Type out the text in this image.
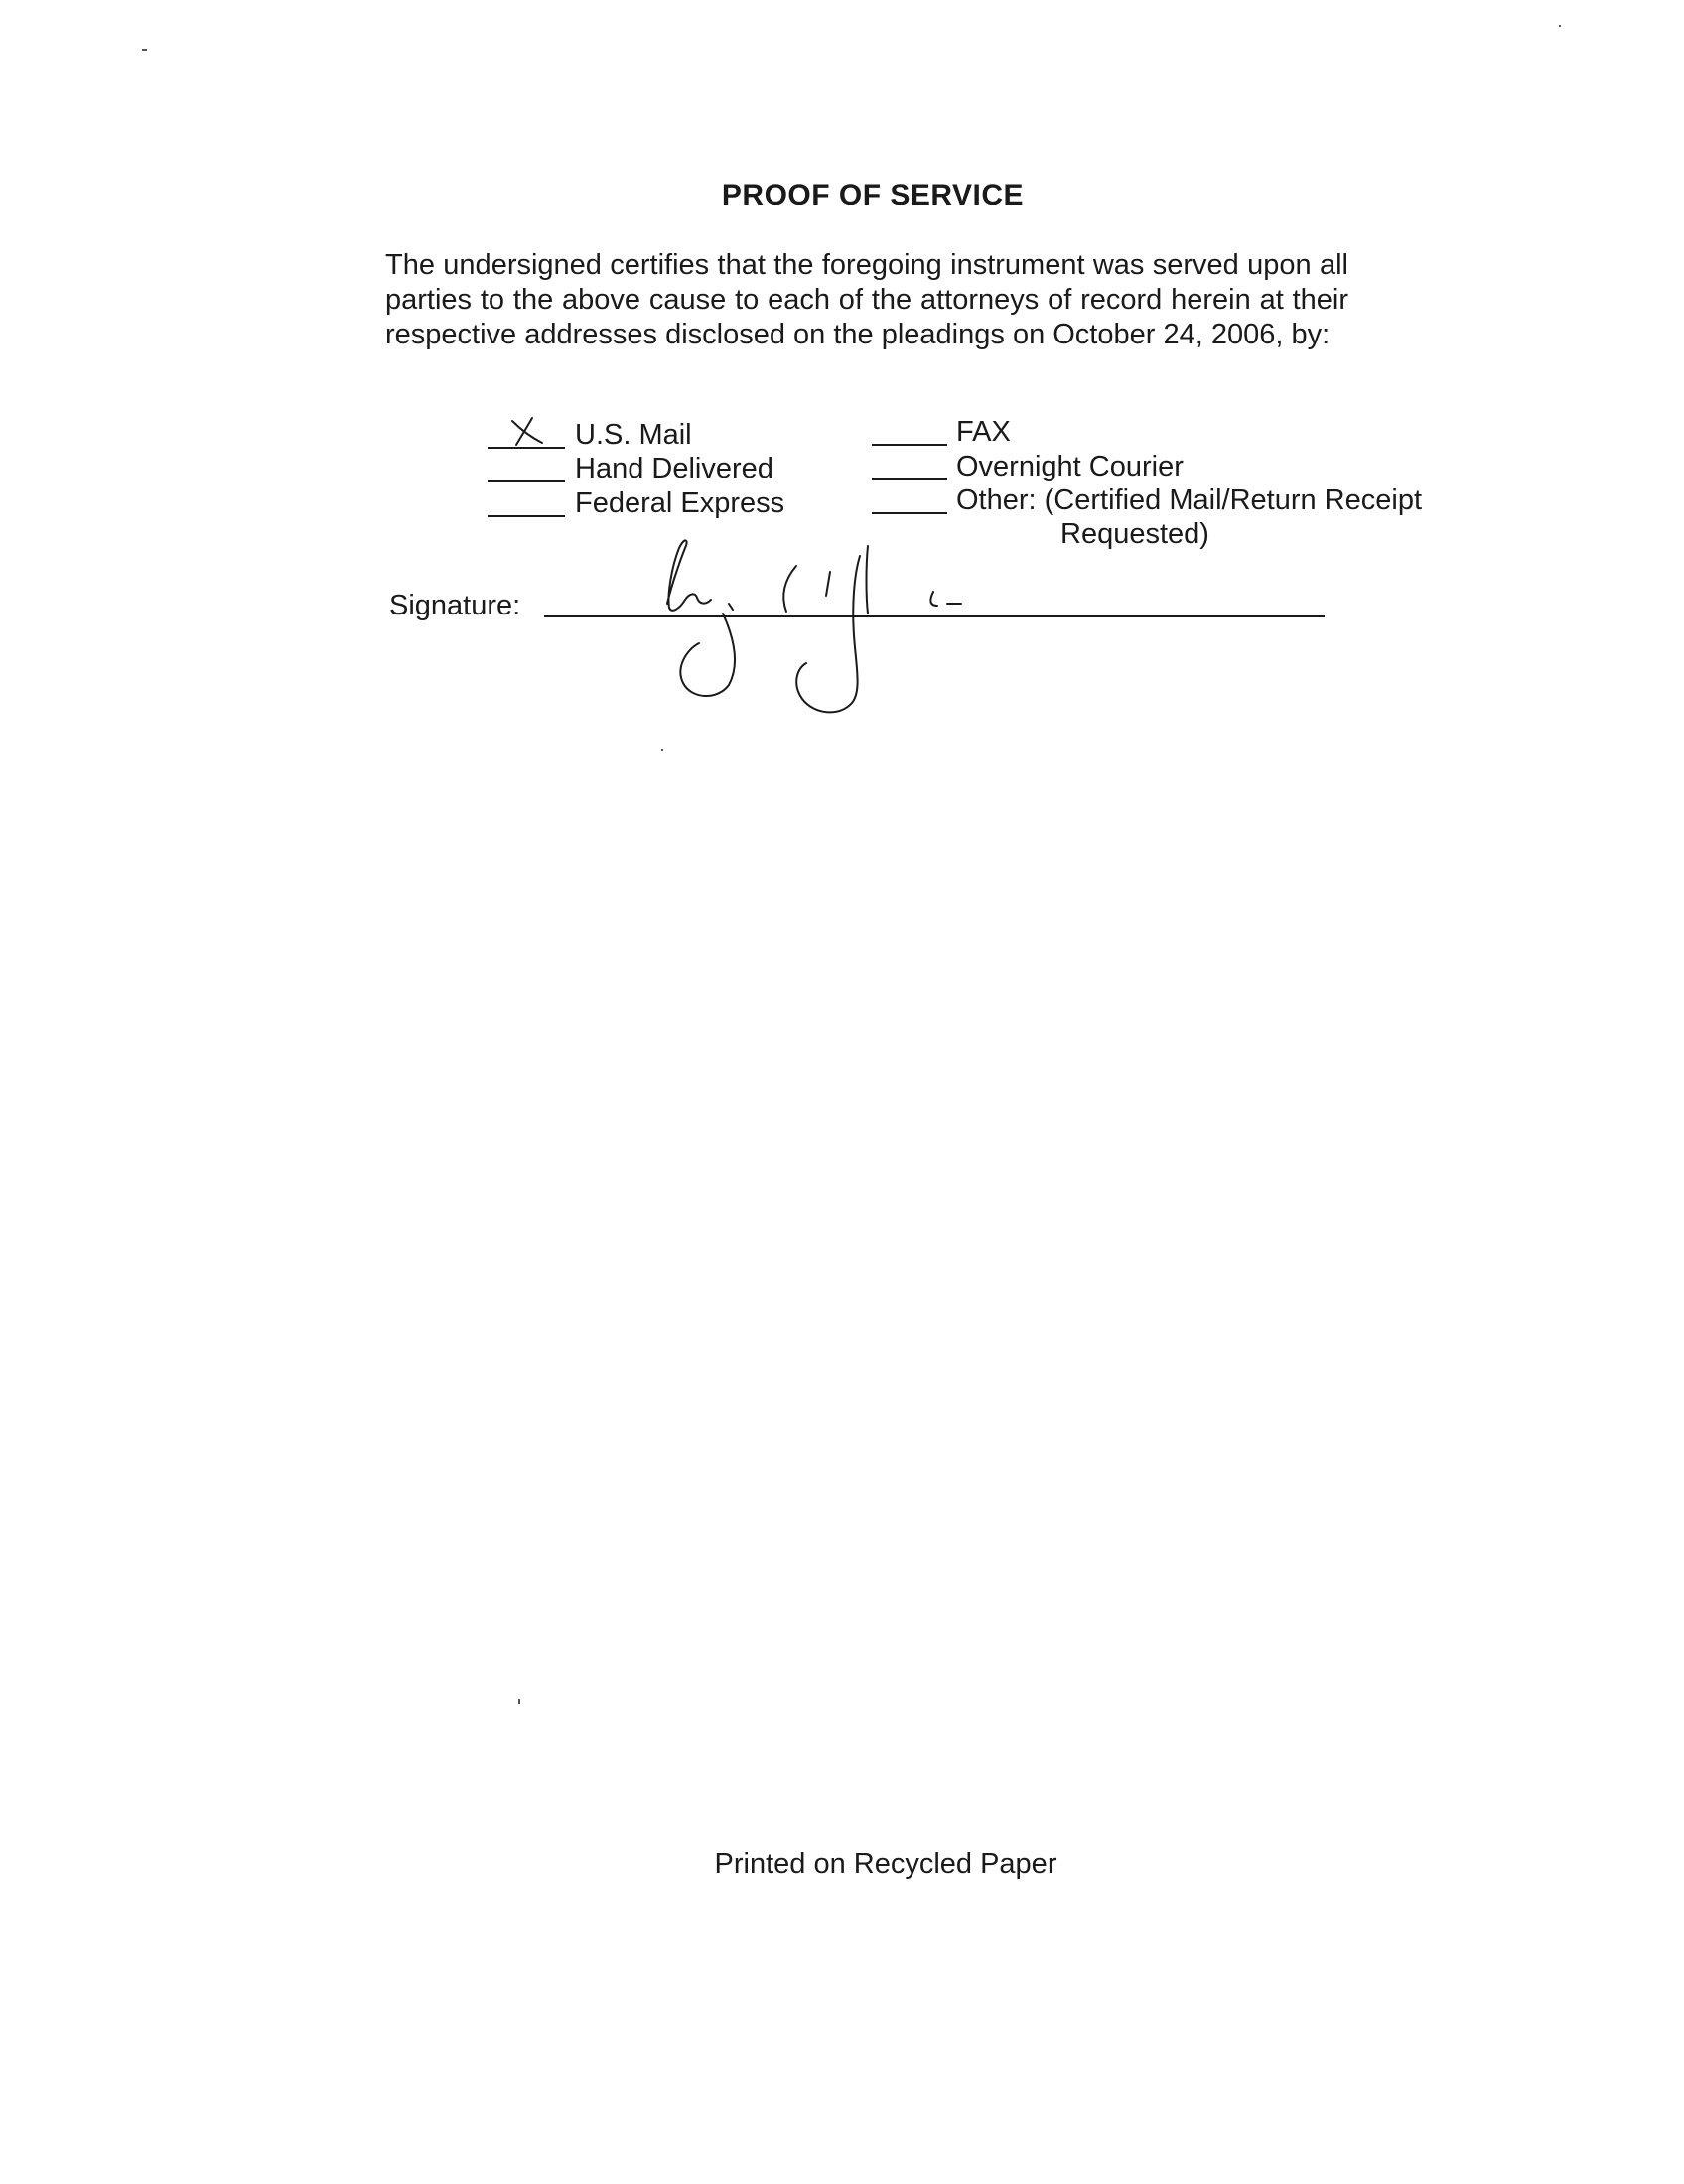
PROOF OF SERVICE
The undersigned certifies that the foregoing instrument was served upon all parties to the above cause to each of the attorneys of record herein at their respective addresses disclosed on the pleadings on October 24, 2006, by:
U.S. Mail
Hand Delivered
Federal Express
FAX
Overnight Courier
Other: (Certified Mail/Return Receipt
Requested)
Signature:
Printed on Recycled Paper
